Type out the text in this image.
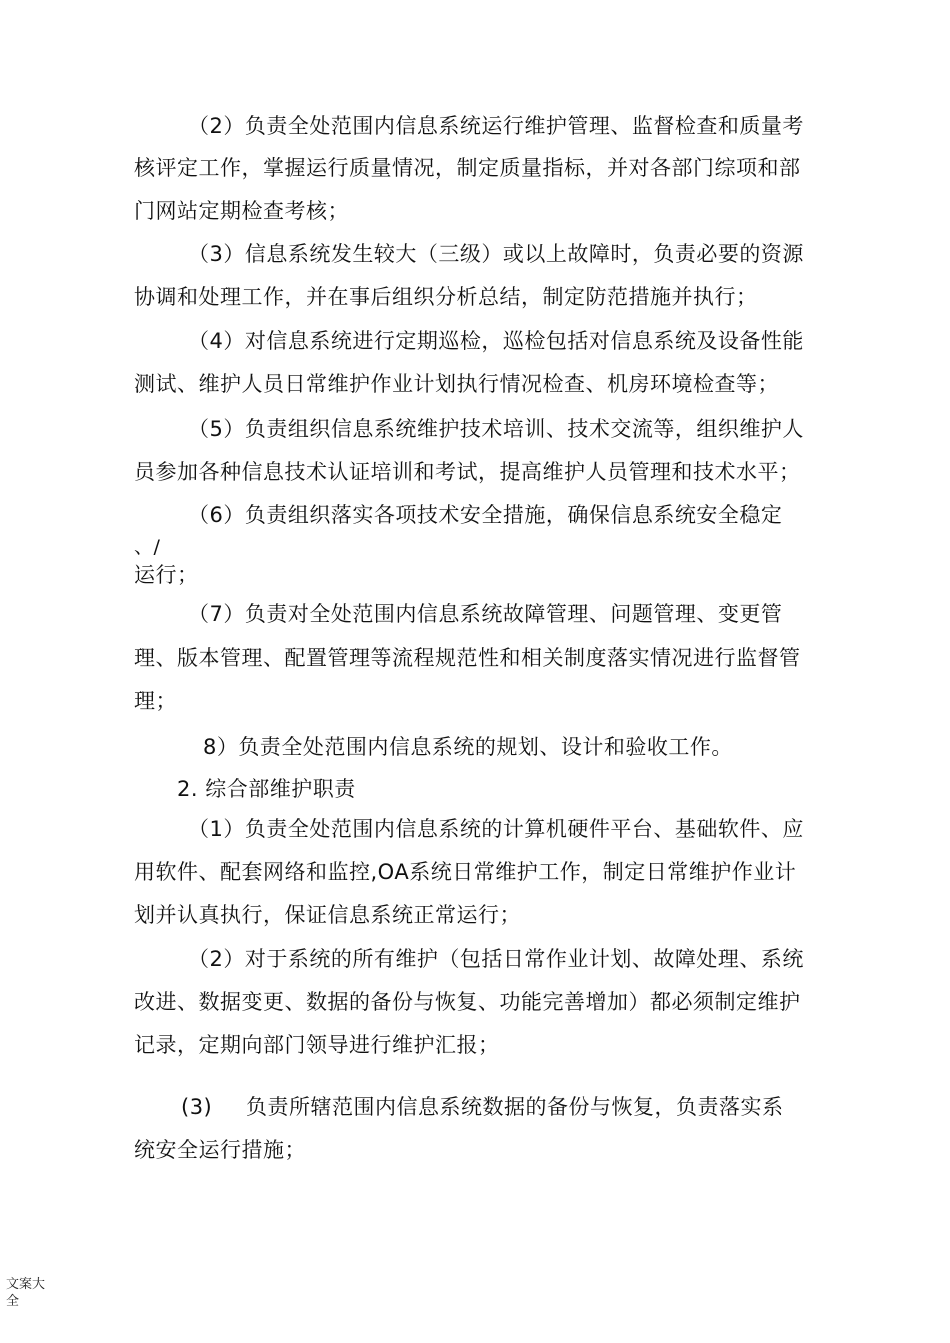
（2）负责全处范围内信息系统运行维护管理、监督检查和质量考
核评定工作，掌握运行质量情况，制定质量指标，并对各部门综项和部
门网站定期检查考核；
（3）信息系统发生较大（三级）或以上故障时，负责必要的资源
协调和处理工作，并在事后组织分析总结，制定防范措施并执行；
（4）对信息系统进行定期巡检，巡检包括对信息系统及设备性能
测试、维护人员日常维护作业计划执行情况检查、机房环境检查等；
（5）负责组织信息系统维护技术培训、技术交流等，组织维护人
员参加各种信息技术认证培训和考试，提高维护人员管理和技术水平；
（6）负责组织落实各项技术安全措施，确保信息系统安全稳定
、/
运行；
（7）负责对全处范围内信息系统故障管理、问题管理、变更管
理、版本管理、配置管理等流程规范性和相关制度落实情况进行监督管
理；
8）负责全处范围内信息系统的规划、设计和验收工作。
2. 综合部维护职责
（1）负责全处范围内信息系统的计算机硬件平台、基础软件、应
用软件、配套网络和监控,OA系统日常维护工作，制定日常维护作业计
划并认真执行，保证信息系统正常运行；
（2）对于系统的所有维护（包括日常作业计划、故障处理、系统
改进、数据变更、数据的备份与恢复、功能完善增加）都必须制定维护
记录，定期向部门领导进行维护汇报；
(3) 负责所辖范围内信息系统数据的备份与恢复，负责落实系
统安全运行措施；
文案大
全
